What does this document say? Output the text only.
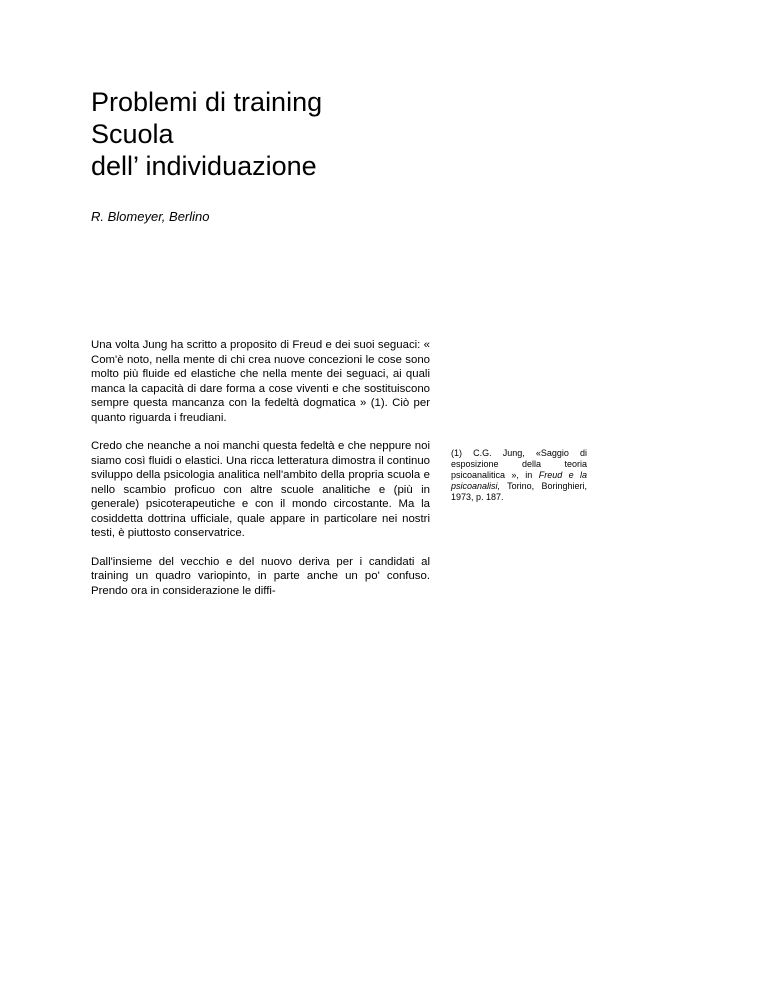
Problemi di training
Scuola
dell’ individuazione
R. Blomeyer, Berlino

Una volta Jung ha scritto a proposito di Freud e dei suoi seguaci: « Com'è noto, nella mente di chi crea nuove concezioni le cose sono molto più fluide ed elastiche che nella mente dei seguaci, ai quali manca la capacità di dare forma a cose viventi e che sostituiscono sempre questa mancanza con la fedeltà dogmatica » (1). Ciò per quanto riguarda i freudiani.

Credo che neanche a noi manchi questa fedeltà e che neppure noi siamo così fluidi o elastici. Una ricca letteratura dimostra il continuo sviluppo della psicologia analitica nell'ambito della propria scuola e nello scambio proficuo con altre scuole analitiche e (più in generale) psicoterapeutiche e con il mondo circostante. Ma la cosiddetta dottrina ufficiale, quale appare in particolare nei nostri testi, è piuttosto conservatrice.

Dall'insieme del vecchio e del nuovo deriva per i candidati al training un quadro variopinto, in parte anche un po' confuso. Prendo ora in considerazione le diffi-

(1) C.G. Jung, «Saggio di esposizione della teoria psicoanalitica », in Freud e la psicoanalisi, Torino, Boringhieri, 1973, p. 187.
